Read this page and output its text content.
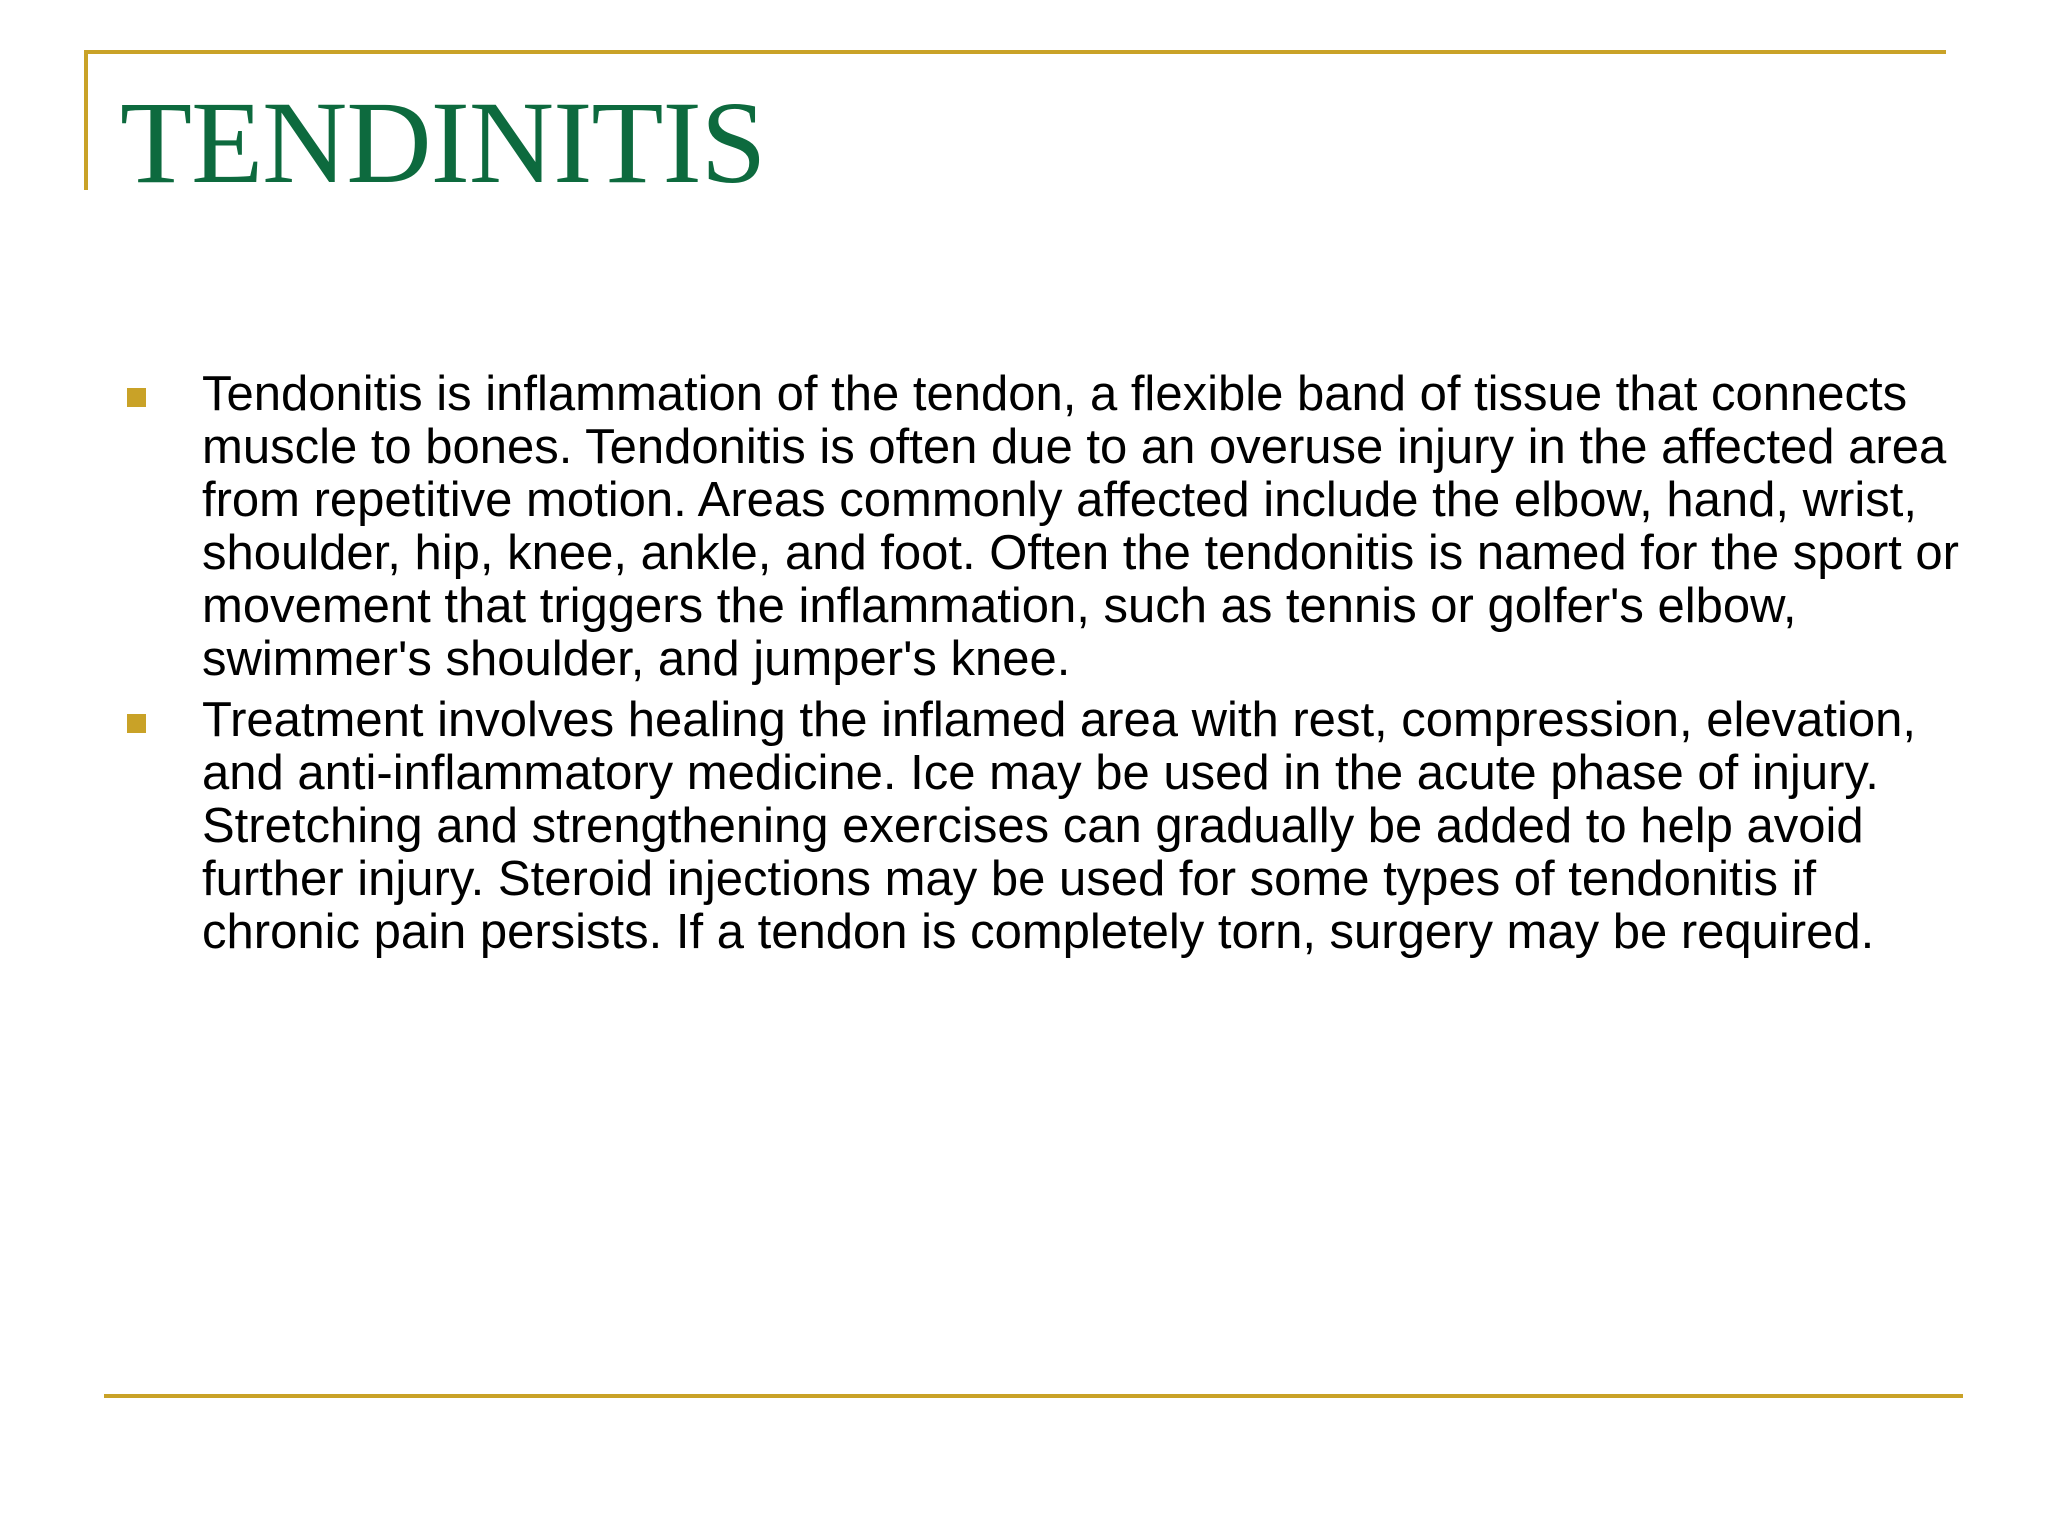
TENDINITIS
Tendonitis is inflammation of the tendon, a flexible band of tissue that connects muscle to bones. Tendonitis is often due to an overuse injury in the affected area from repetitive motion. Areas commonly affected include the elbow, hand, wrist, shoulder, hip, knee, ankle, and foot. Often the tendonitis is named for the sport or movement that triggers the inflammation, such as tennis or golfer's elbow, swimmer's shoulder, and jumper's knee.
Treatment involves healing the inflamed area with rest, compression, elevation, and anti-inflammatory medicine. Ice may be used in the acute phase of injury. Stretching and strengthening exercises can gradually be added to help avoid further injury. Steroid injections may be used for some types of tendonitis if chronic pain persists. If a tendon is completely torn, surgery may be required.
